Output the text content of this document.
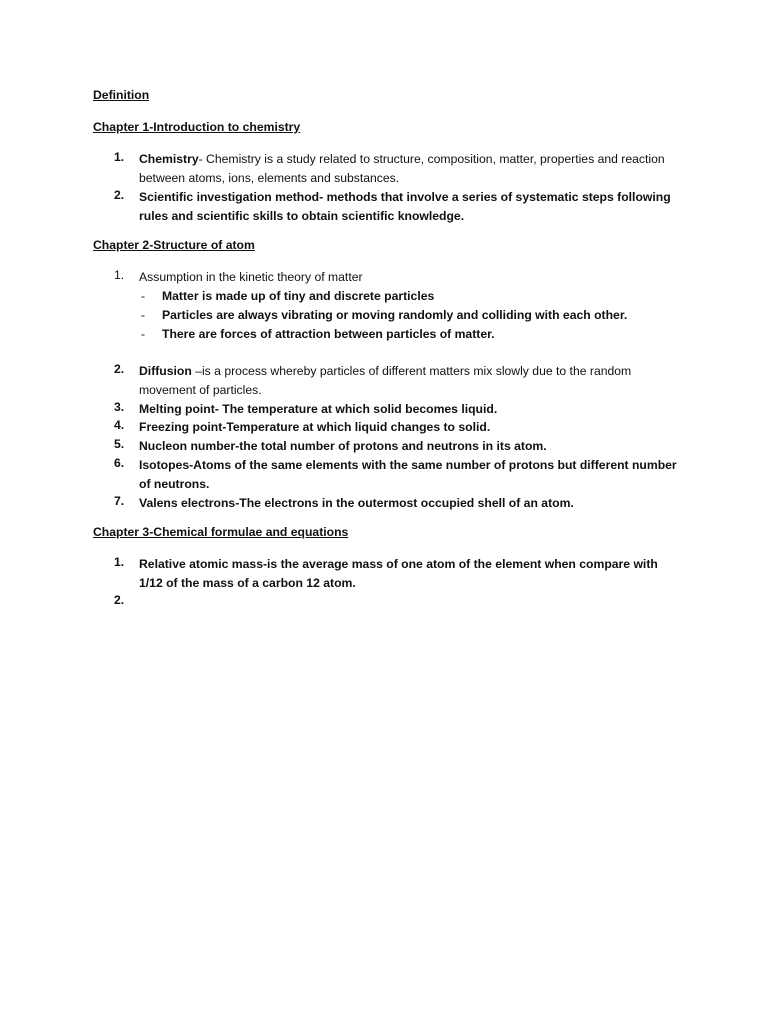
Definition
Chapter 1-Introduction to chemistry
1. Chemistry- Chemistry is a study related to structure, composition, matter, properties and reaction between atoms, ions, elements and substances.
2. Scientific investigation method- methods that involve a series of systematic steps following rules and scientific skills to obtain scientific knowledge.
Chapter 2-Structure of atom
1. Assumption in the kinetic theory of matter
- Matter is made up of tiny and discrete particles
- Particles are always vibrating or moving randomly and colliding with each other.
- There are forces of attraction between particles of matter.
2. Diffusion –is a process whereby particles of different matters mix slowly due to the random movement of particles.
3. Melting point- The temperature at which solid becomes liquid.
4. Freezing point-Temperature at which liquid changes to solid.
5. Nucleon number-the total number of protons and neutrons in its atom.
6. Isotopes-Atoms of the same elements with the same number of protons but different number of neutrons.
7. Valens electrons-The electrons in the outermost occupied shell of an atom.
Chapter 3-Chemical formulae and equations
1. Relative atomic mass-is the average mass of one atom of the element when compare with 1/12 of the mass of a carbon 12 atom.
2.
